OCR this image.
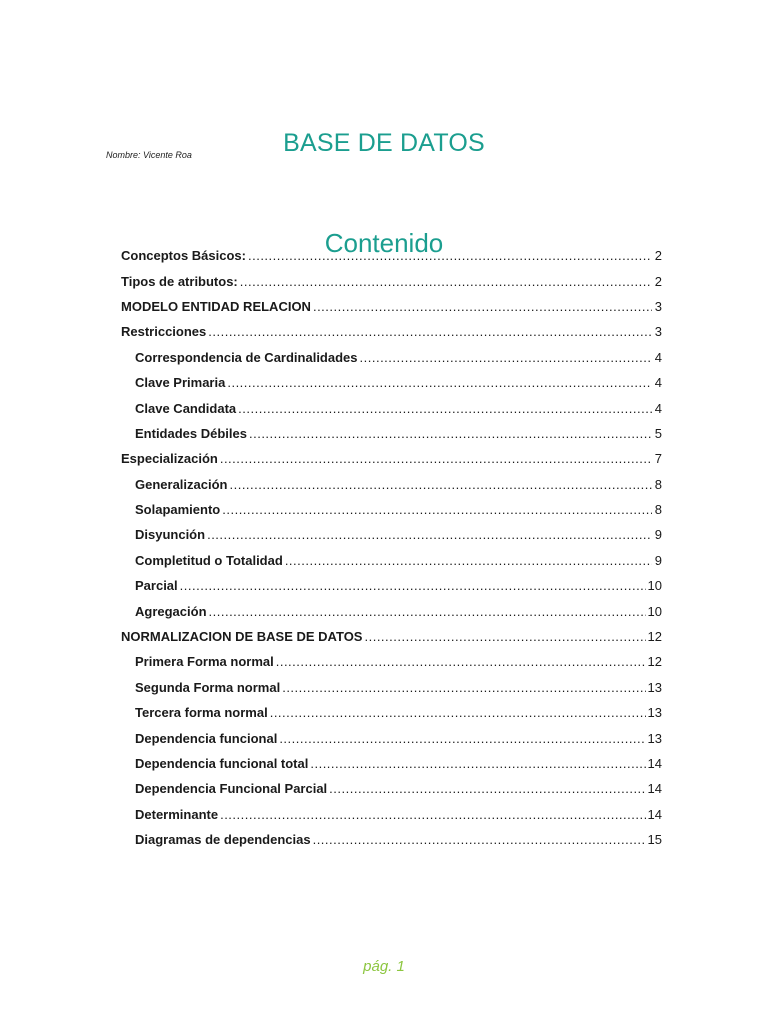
BASE DE DATOS
Nombre: Vicente Roa
Contenido
Conceptos Básicos: .....	2
Tipos de atributos: .....	2
MODELO ENTIDAD RELACION .....	3
Restricciones .....	3
Correspondencia de Cardinalidades .....	4
Clave Primaria .....	4
Clave Candidata .....	4
Entidades Débiles .....	5
Especialización .....	7
Generalización .....	8
Solapamiento .....	8
Disyunción .....	9
Completitud o Totalidad .....	9
Parcial .....	10
Agregación .....	10
NORMALIZACION DE BASE DE DATOS .....	12
Primera Forma normal .....	12
Segunda Forma normal .....	13
Tercera forma normal .....	13
Dependencia funcional .....	13
Dependencia funcional total .....	14
Dependencia Funcional Parcial .....	14
Determinante .....	14
Diagramas de dependencias .....	15
pág. 1
